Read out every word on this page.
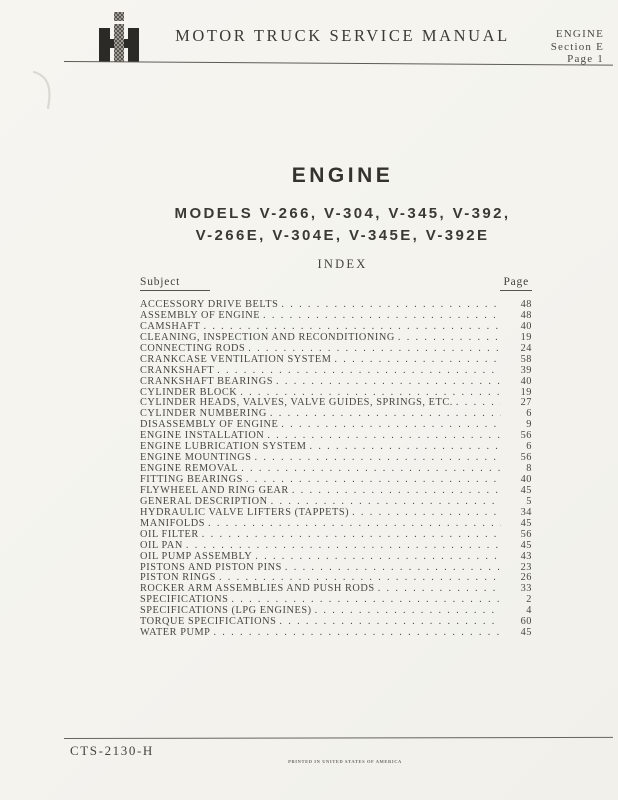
MOTOR TRUCK SERVICE MANUAL	ENGINE
Section E
Page 1
ENGINE
MODELS V-266, V-304, V-345, V-392,
V-266E, V-304E, V-345E, V-392E
INDEX
Subject	Page
ACCESSORY DRIVE BELTS . . .	48
ASSEMBLY OF ENGINE . . .	48
CAMSHAFT . . .	40
CLEANING, INSPECTION AND RECONDITIONING . . .	19
CONNECTING RODS . . .	24
CRANKCASE VENTILATION SYSTEM . . .	58
CRANKSHAFT . . .	39
CRANKSHAFT BEARINGS . . .	40
CYLINDER BLOCK . . .	19
CYLINDER HEADS, VALVES, VALVE GUIDES, SPRINGS, ETC. . . .	27
CYLINDER NUMBERING . . .	6
DISASSEMBLY OF ENGINE . . .	9
ENGINE INSTALLATION . . .	56
ENGINE LUBRICATION SYSTEM . . .	6
ENGINE MOUNTINGS . . .	56
ENGINE REMOVAL . . .	8
FITTING BEARINGS . . .	40
FLYWHEEL AND RING GEAR . . .	45
GENERAL DESCRIPTION . . .	5
HYDRAULIC VALVE LIFTERS (TAPPETS) . . .	34
MANIFOLDS . . .	45
OIL FILTER . . .	56
OIL PAN . . .	45
OIL PUMP ASSEMBLY . . .	43
PISTONS AND PISTON PINS . . .	23
PISTON RINGS . . .	26
ROCKER ARM ASSEMBLIES AND PUSH RODS . . .	33
SPECIFICATIONS . . .	2
SPECIFICATIONS (LPG ENGINES) . . .	4
TORQUE SPECIFICATIONS . . .	60
WATER PUMP . . .	45
CTS-2130-H
PRINTED IN UNITED STATES OF AMERICA
